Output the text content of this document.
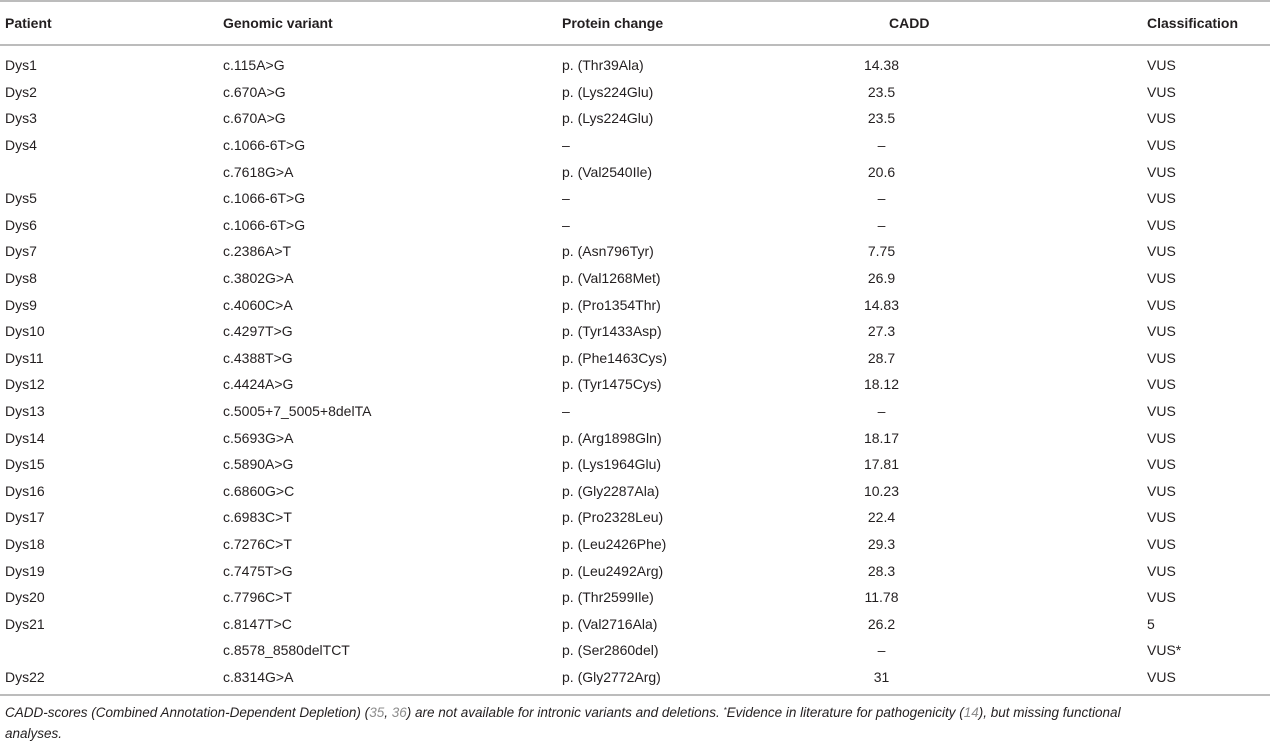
Patient	Genomic variant	Protein change	CADD	Classification
Dys1	c.115A>G	p. (Thr39Ala)	14.38	VUS
Dys2	c.670A>G	p. (Lys224Glu)	23.5	VUS
Dys3	c.670A>G	p. (Lys224Glu)	23.5	VUS
Dys4	c.1066-6T>G	–	–	VUS
	c.7618G>A	p. (Val2540Ile)	20.6	VUS
Dys5	c.1066-6T>G	–	–	VUS
Dys6	c.1066-6T>G	–	–	VUS
Dys7	c.2386A>T	p. (Asn796Tyr)	7.75	VUS
Dys8	c.3802G>A	p. (Val1268Met)	26.9	VUS
Dys9	c.4060C>A	p. (Pro1354Thr)	14.83	VUS
Dys10	c.4297T>G	p. (Tyr1433Asp)	27.3	VUS
Dys11	c.4388T>G	p. (Phe1463Cys)	28.7	VUS
Dys12	c.4424A>G	p. (Tyr1475Cys)	18.12	VUS
Dys13	c.5005+7_5005+8delTA	–	–	VUS
Dys14	c.5693G>A	p. (Arg1898Gln)	18.17	VUS
Dys15	c.5890A>G	p. (Lys1964Glu)	17.81	VUS
Dys16	c.6860G>C	p. (Gly2287Ala)	10.23	VUS
Dys17	c.6983C>T	p. (Pro2328Leu)	22.4	VUS
Dys18	c.7276C>T	p. (Leu2426Phe)	29.3	VUS
Dys19	c.7475T>G	p. (Leu2492Arg)	28.3	VUS
Dys20	c.7796C>T	p. (Thr2599Ile)	11.78	VUS
Dys21	c.8147T>C	p. (Val2716Ala)	26.2	5
	c.8578_8580delTCT	p. (Ser2860del)	–	VUS*
Dys22	c.8314G>A	p. (Gly2772Arg)	31	VUS
CADD-scores (Combined Annotation-Dependent Depletion) (35, 36) are not available for intronic variants and deletions. *Evidence in literature for pathogenicity (14), but missing functional analyses.
